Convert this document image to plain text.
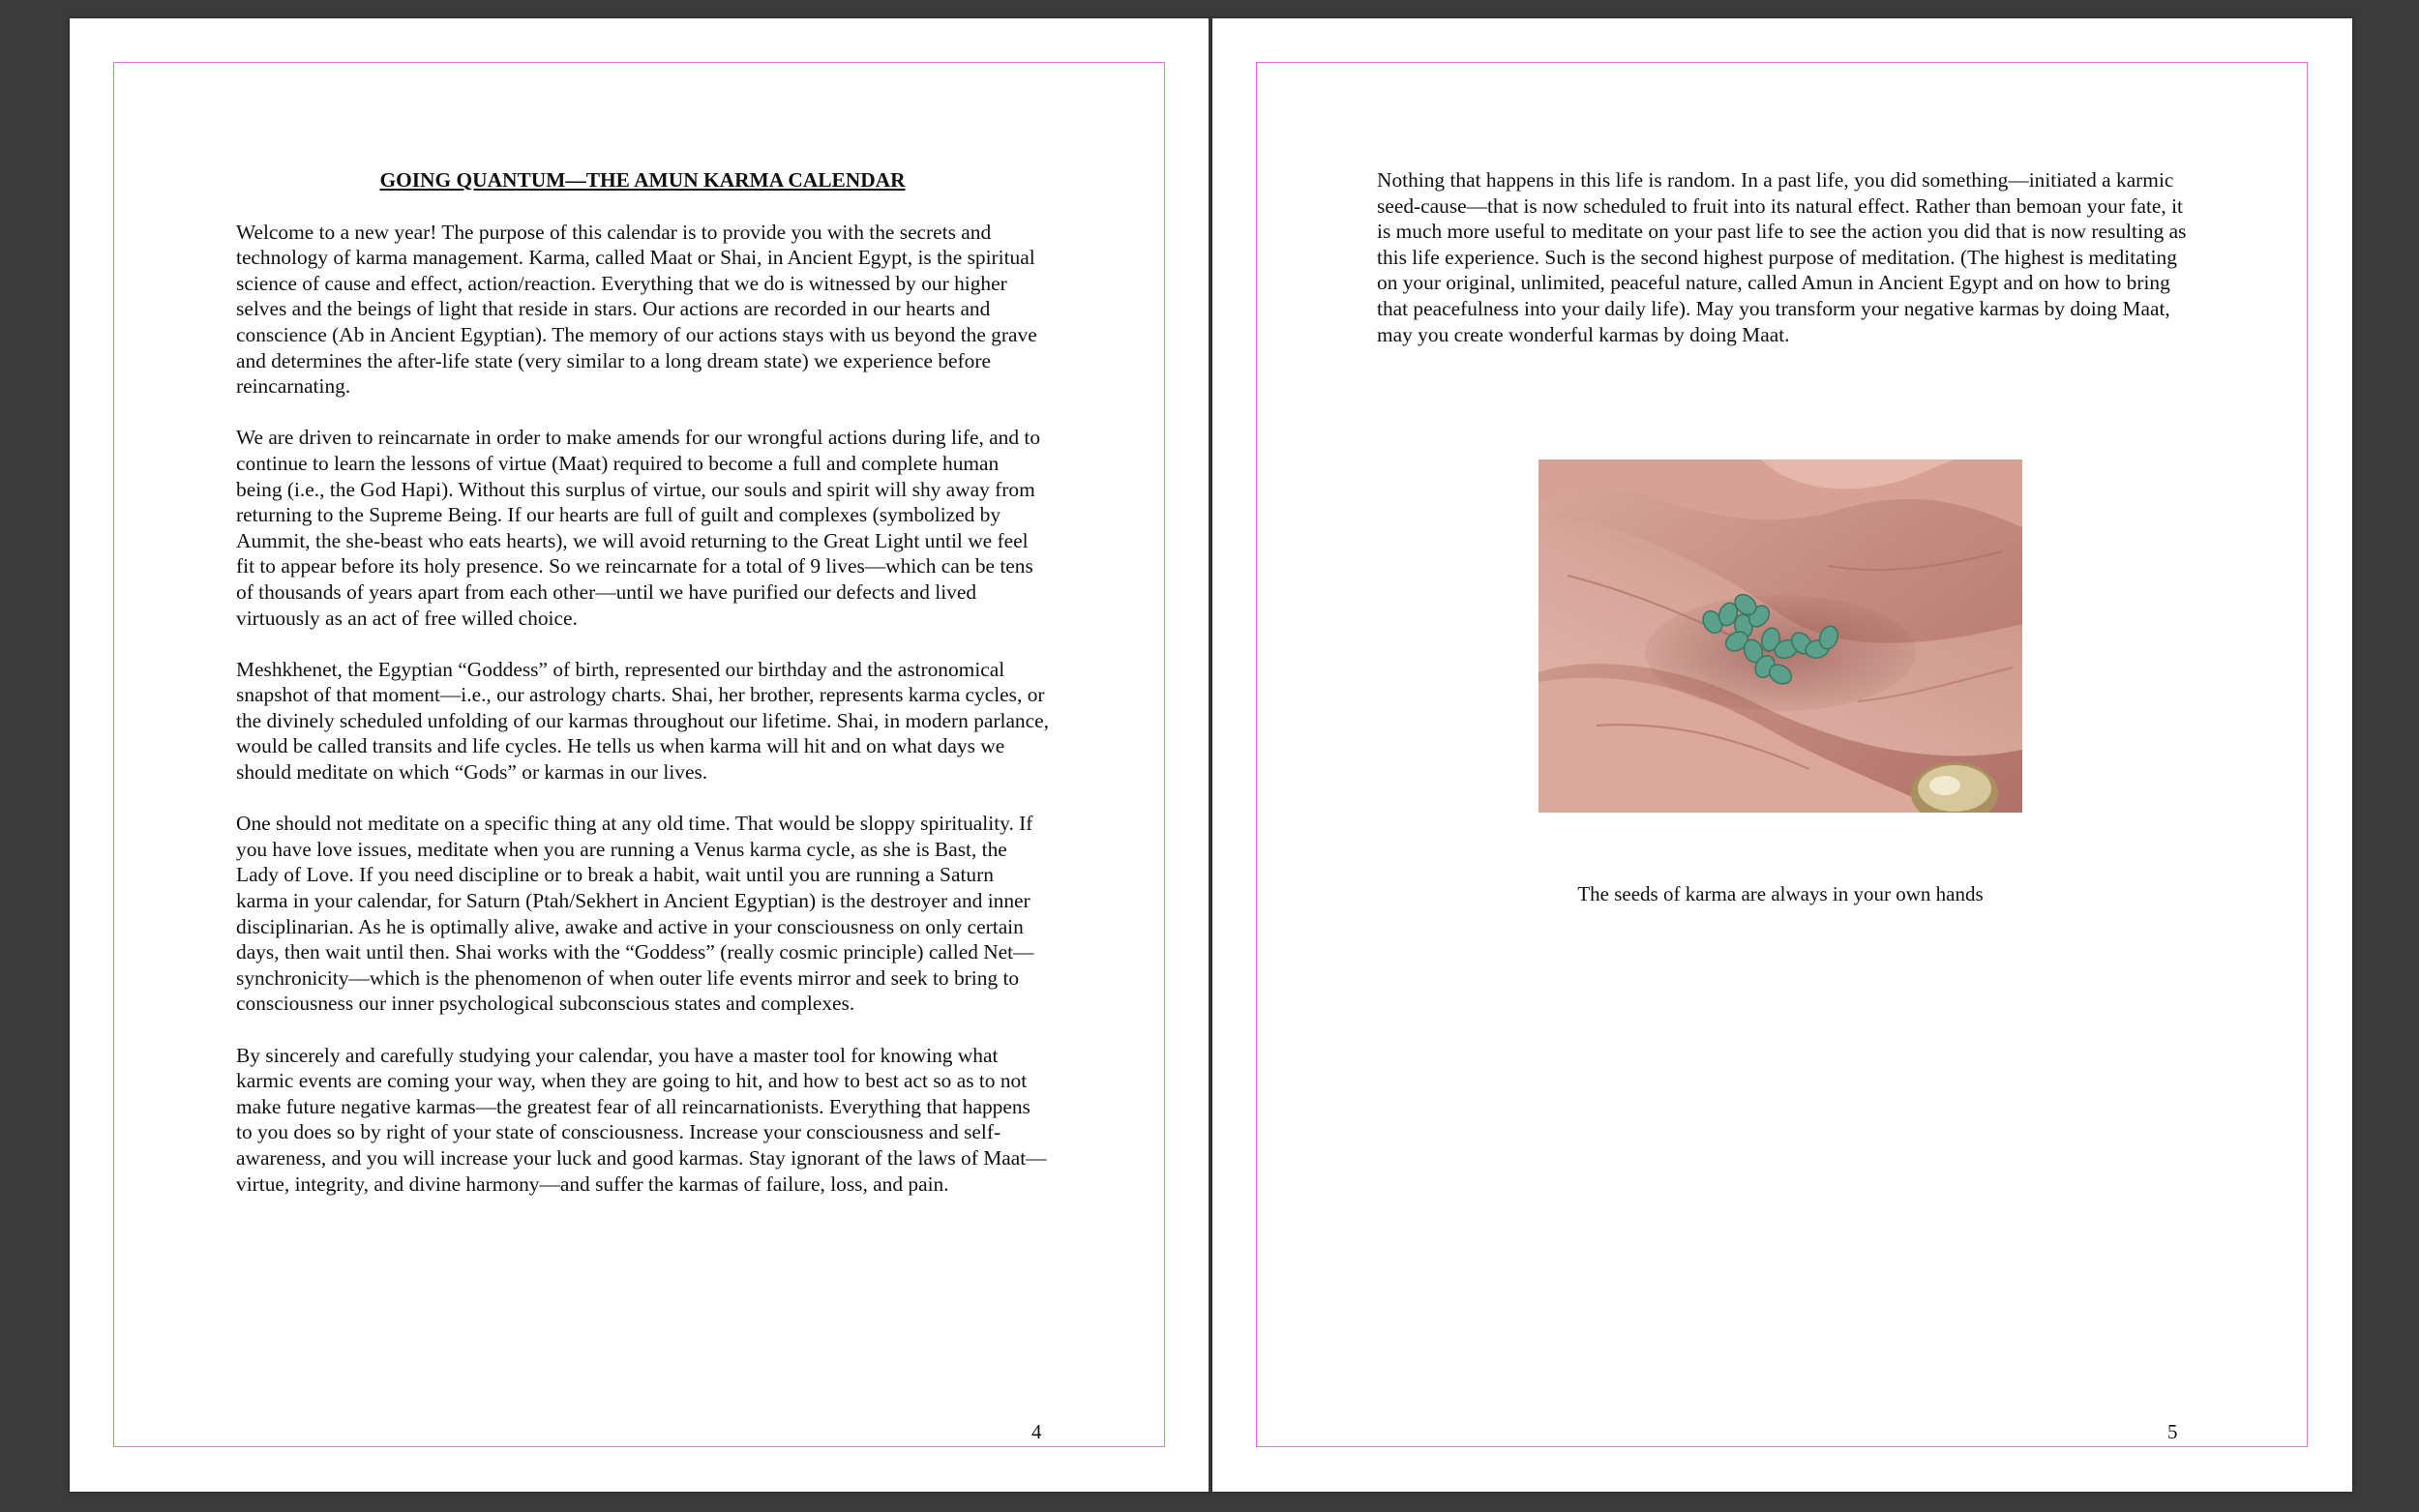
GOING QUANTUM—THE AMUN KARMA CALENDAR

Welcome to a new year! The purpose of this calendar is to provide you with the secrets and technology of karma management. Karma, called Maat or Shai, in Ancient Egypt, is the spiritual science of cause and effect, action/reaction. Everything that we do is witnessed by our higher selves and the beings of light that reside in stars. Our actions are recorded in our hearts and conscience (Ab in Ancient Egyptian). The memory of our actions stays with us beyond the grave and determines the after-life state (very similar to a long dream state) we experience before reincarnating.

We are driven to reincarnate in order to make amends for our wrongful actions during life, and to continue to learn the lessons of virtue (Maat) required to become a full and complete human being (i.e., the God Hapi). Without this surplus of virtue, our souls and spirit will shy away from returning to the Supreme Being. If our hearts are full of guilt and complexes (symbolized by Aummit, the she-beast who eats hearts), we will avoid returning to the Great Light until we feel fit to appear before its holy presence. So we reincarnate for a total of 9 lives—which can be tens of thousands of years apart from each other—until we have purified our defects and lived virtuously as an act of free willed choice.

Meshkhenet, the Egyptian “Goddess” of birth, represented our birthday and the astronomical snapshot of that moment—i.e., our astrology charts. Shai, her brother, represents karma cycles, or the divinely scheduled unfolding of our karmas throughout our lifetime. Shai, in modern parlance, would be called transits and life cycles. He tells us when karma will hit and on what days we should meditate on which “Gods” or karmas in our lives.

One should not meditate on a specific thing at any old time. That would be sloppy spirituality. If you have love issues, meditate when you are running a Venus karma cycle, as she is Bast, the Lady of Love. If you need discipline or to break a habit, wait until you are running a Saturn karma in your calendar, for Saturn (Ptah/Sekhert in Ancient Egyptian) is the destroyer and inner disciplinarian. As he is optimally alive, awake and active in your consciousness on only certain days, then wait until then. Shai works with the “Goddess” (really cosmic principle) called Net—synchronicity—which is the phenomenon of when outer life events mirror and seek to bring to consciousness our inner psychological subconscious states and complexes.

By sincerely and carefully studying your calendar, you have a master tool for knowing what karmic events are coming your way, when they are going to hit, and how to best act so as to not make future negative karmas—the greatest fear of all reincarnationists. Everything that happens to you does so by right of your state of consciousness. Increase your consciousness and self-awareness, and you will increase your luck and good karmas. Stay ignorant of the laws of Maat—virtue, integrity, and divine harmony—and suffer the karmas of failure, loss, and pain.

4

Nothing that happens in this life is random. In a past life, you did something—initiated a karmic seed-cause—that is now scheduled to fruit into its natural effect. Rather than bemoan your fate, it is much more useful to meditate on your past life to see the action you did that is now resulting as this life experience. Such is the second highest purpose of meditation. (The highest is meditating on your original, unlimited, peaceful nature, called Amun in Ancient Egypt and on how to bring that peacefulness into your daily life). May you transform your negative karmas by doing Maat, may you create wonderful karmas by doing Maat.

The seeds of karma are always in your own hands
5
